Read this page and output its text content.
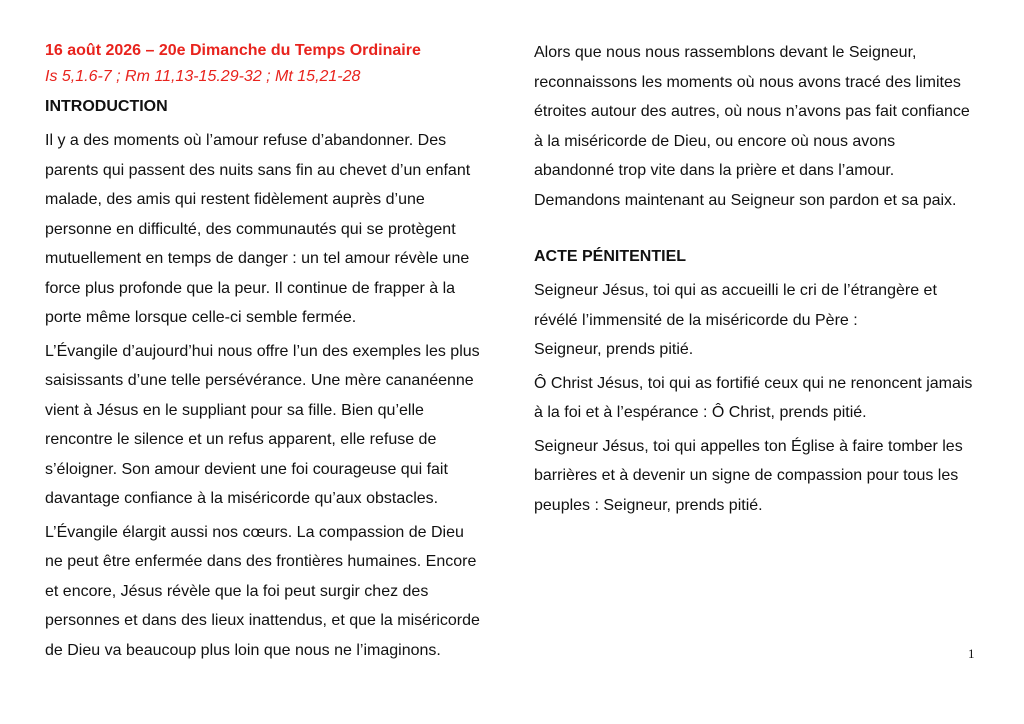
16 août 2026 – 20e Dimanche du Temps Ordinaire

Is 5,1.6-7 ; Rm 11,13-15.29-32 ; Mt 15,21-28

INTRODUCTION

Il y a des moments où l’amour refuse d’abandonner. Des parents qui passent des nuits sans fin au chevet d’un enfant malade, des amis qui restent fidèlement auprès d’une personne en difficulté, des communautés qui se protègent mutuellement en temps de danger : un tel amour révèle une force plus profonde que la peur. Il continue de frapper à la porte même lorsque celle-ci semble fermée.

L’Évangile d’aujourd’hui nous offre l’un des exemples les plus saisissants d’une telle persévérance. Une mère cananéenne vient à Jésus en le suppliant pour sa fille. Bien qu’elle rencontre le silence et un refus apparent, elle refuse de s’éloigner. Son amour devient une foi courageuse qui fait davantage confiance à la miséricorde qu’aux obstacles.

L’Évangile élargit aussi nos cœurs. La compassion de Dieu ne peut être enfermée dans des frontières humaines. Encore et encore, Jésus révèle que la foi peut surgir chez des personnes et dans des lieux inattendus, et que la miséricorde de Dieu va beaucoup plus loin que nous ne l’imaginons.

Alors que nous nous rassemblons devant le Seigneur, reconnaissons les moments où nous avons tracé des limites étroites autour des autres, où nous n’avons pas fait confiance à la miséricorde de Dieu, ou encore où nous avons abandonné trop vite dans la prière et dans l’amour. Demandons maintenant au Seigneur son pardon et sa paix.

ACTE PÉNITENTIEL

Seigneur Jésus, toi qui as accueilli le cri de l’étrangère et révélé l’immensité de la miséricorde du Père :

Seigneur, prends pitié.

Ô Christ Jésus, toi qui as fortifié ceux qui ne renoncent jamais à la foi et à l’espérance : Ô Christ, prends pitié.

Seigneur Jésus, toi qui appelles ton Église à faire tomber les barrières et à devenir un signe de compassion pour tous les peuples : Seigneur, prends pitié.

1
